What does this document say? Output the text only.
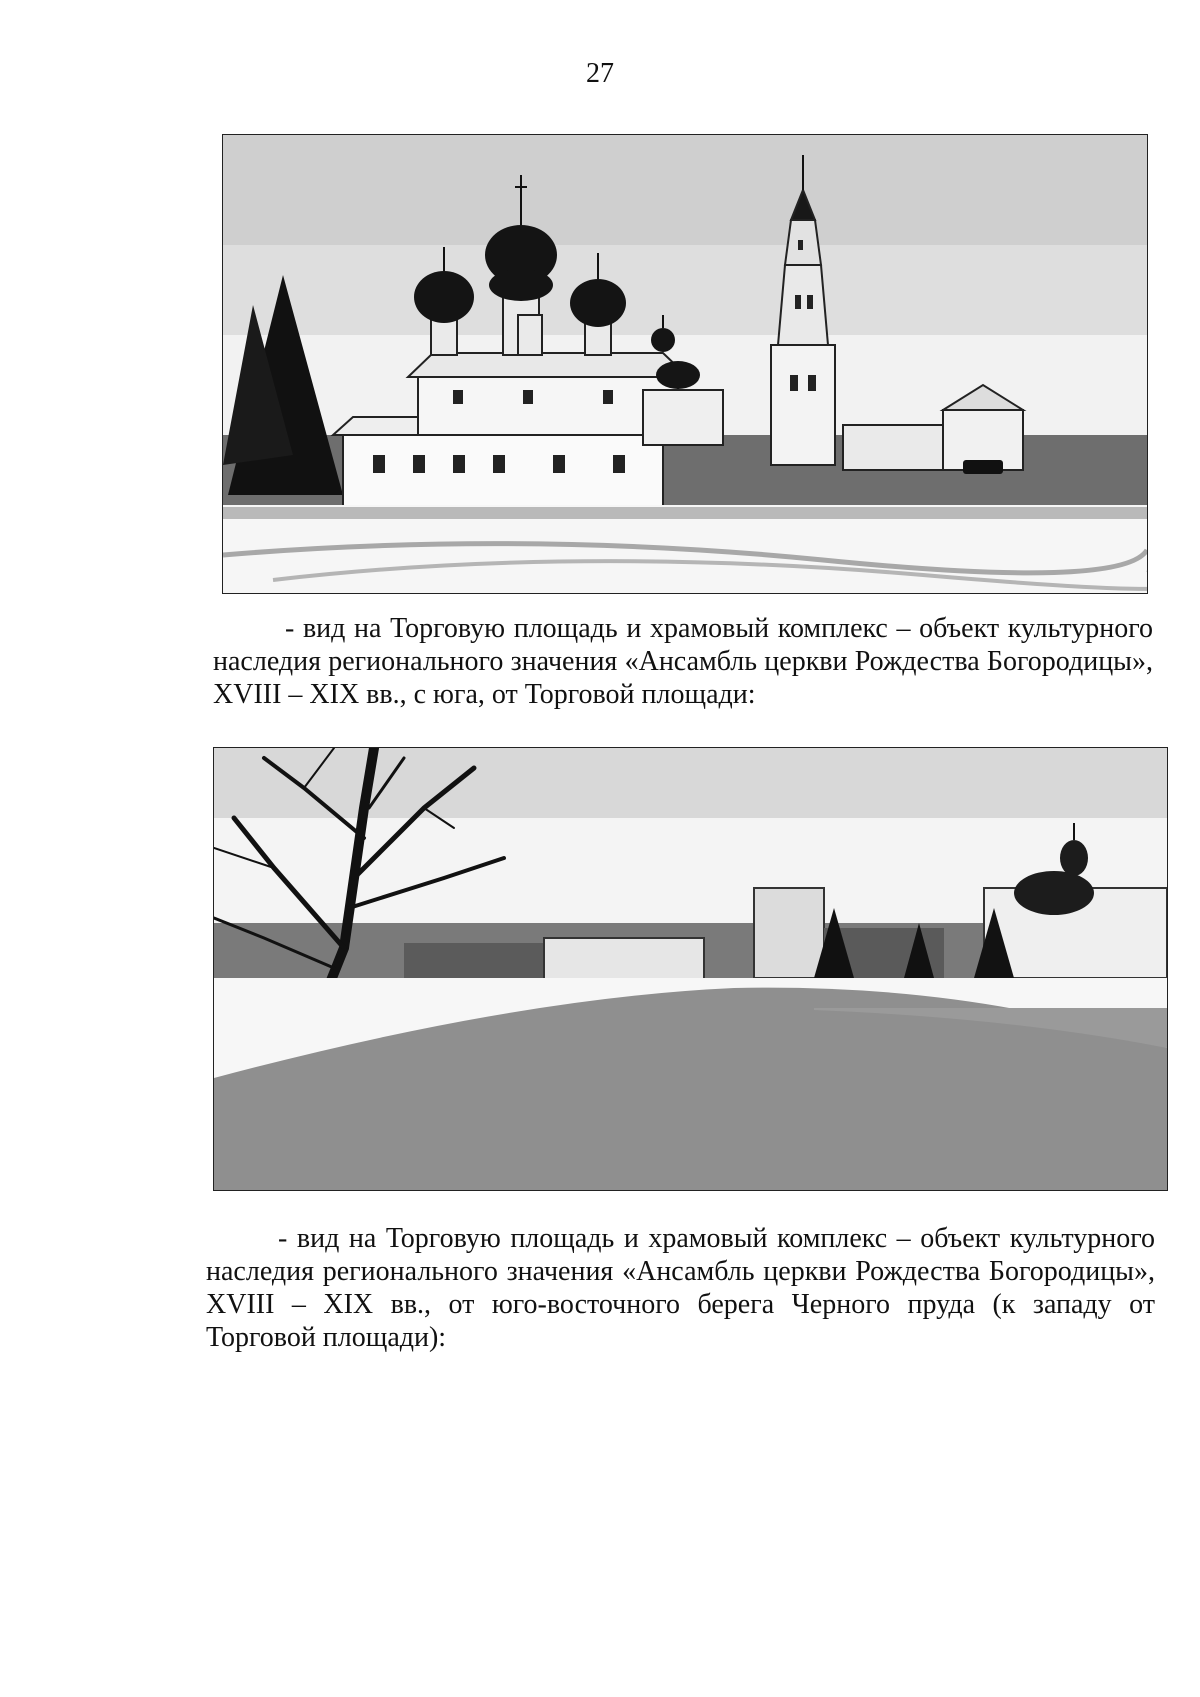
27
- вид на Торговую площадь и храмовый комплекс – объект культурного наследия регионального значения «Ансамбль церкви Рождества Богородицы», XVIII – XIX вв., с юга, от Торговой площади:
- вид на Торговую площадь и храмовый комплекс – объект культурного наследия регионального значения «Ансамбль церкви Рождества Богородицы», XVIII – XIX вв., от юго-восточного берега Черного пруда (к западу от Торговой площади):
